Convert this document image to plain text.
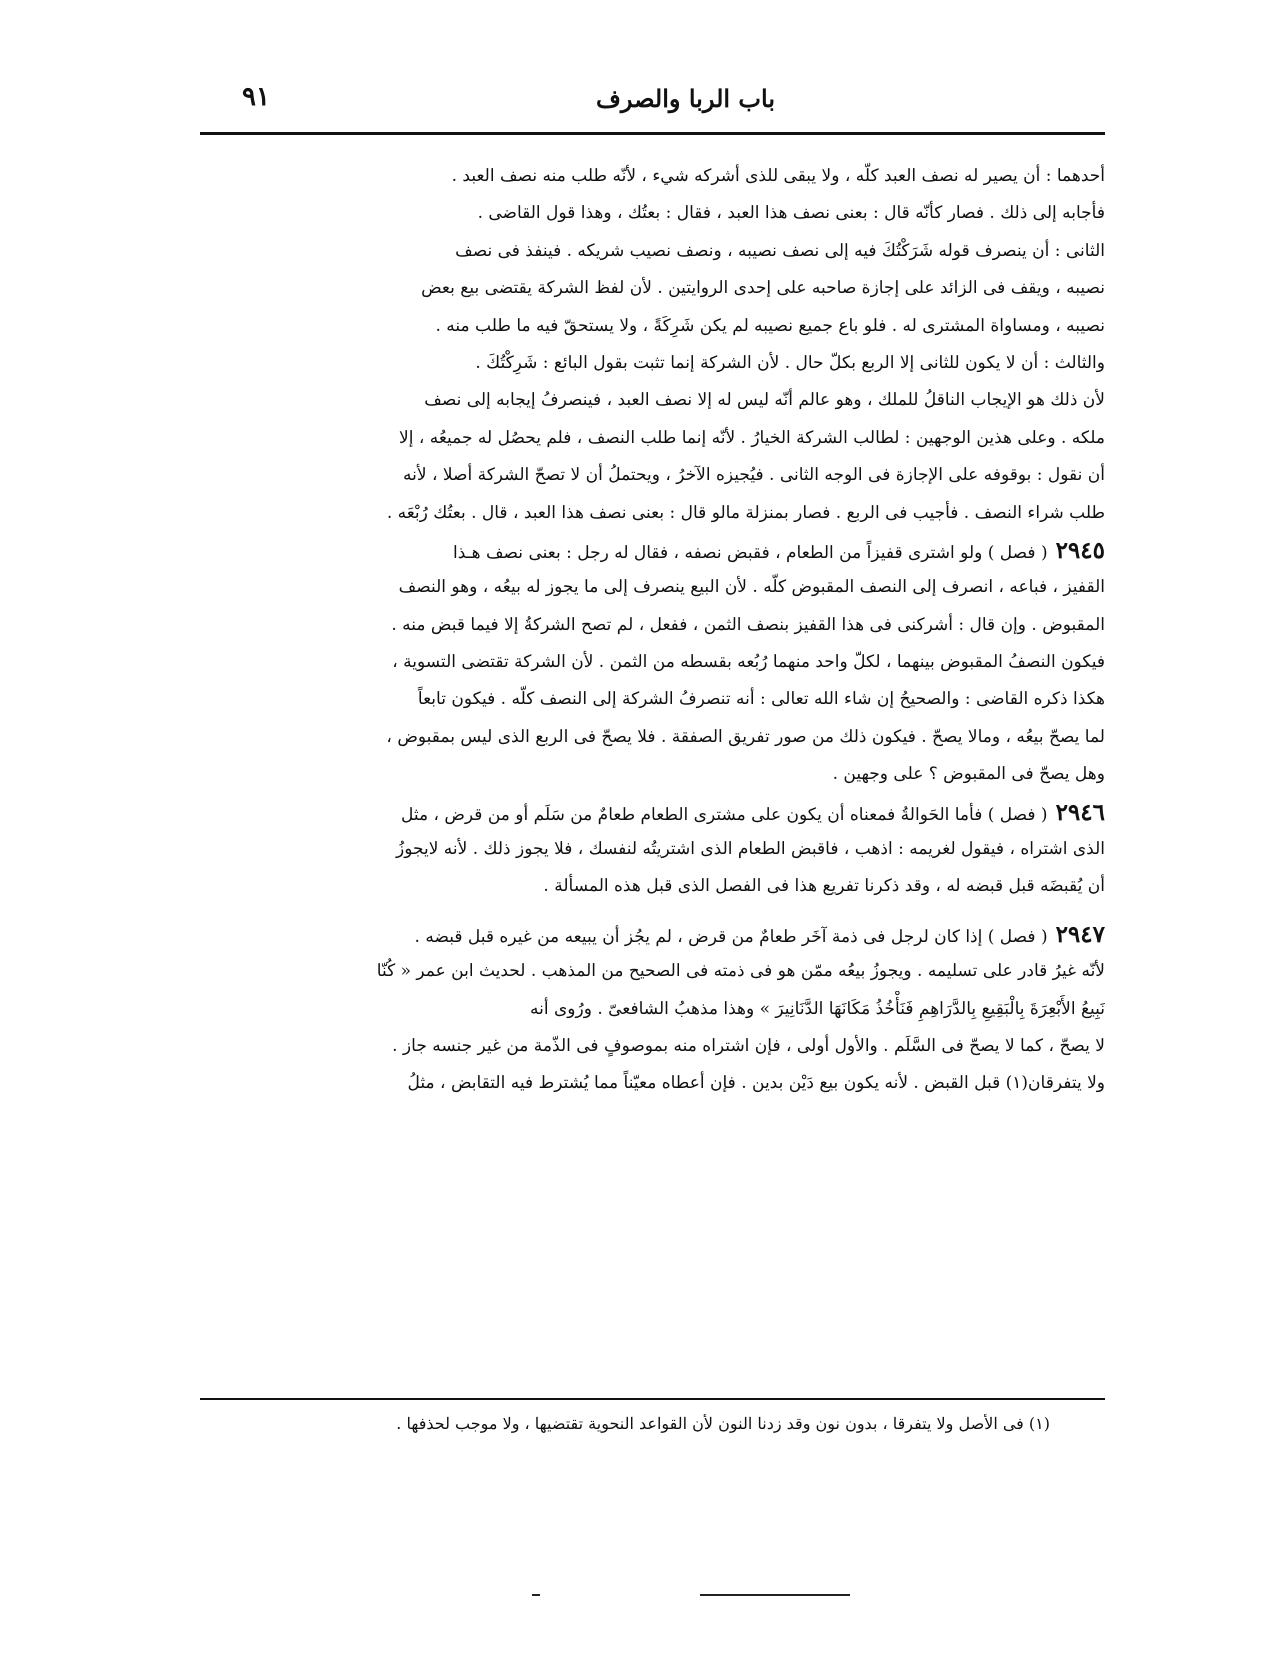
باب الربا والصرف
٩١
أحدهما : أن يصير له نصف العبد كلّه ، ولا يبقى للذى أشركه شيء ، لأنّه طلب منه نصف العبد .
فأجابه إلى ذلك . فصار كأنّه قال : بعنى نصف هذا العبد ، فقال : بعتُك ، وهذا قول القاضى .
الثانى : أن ينصرف قوله شَرَكْتُكَ فيه إلى نصف نصيبه ، ونصف نصيب شريكه . فينفذ فى نصف
نصيبه ، ويقف فى الزائد على إجازة صاحبه على إحدى الروايتين . لأن لفظ الشركة يقتضى بيع بعض
نصيبه ، ومساواة المشترى له . فلو باع جميع نصيبه لم يكن شَرِكَةً ، ولا يستحقّ فيه ما طلب منه .
والثالث : أن لا يكون للثانى إلا الربع بكلّ حال . لأن الشركة إنما تثبت بقول البائع : شَرِكْتُكَ .
لأن ذلك هو الإيجاب الناقلُ للملك ، وهو عالم أنّه ليس له إلا نصف العبد ، فينصرفُ إيجابه إلى نصف
ملكه . وعلى هذين الوجهين : لطالب الشركة الخيارُ . لأنّه إنما طلب النصف ، فلم يحصُل له جميعُه ، إلا
أن نقول : بوقوفه على الإجازة فى الوجه الثانى . فيُجيزه الآخرُ ، ويحتملُ أن لا تصحّ الشركة أصلا ، لأنه
طلب شراء النصف . فأجيب فى الربع . فصار بمنزلة مالو قال : بعنى نصف هذا العبد ، قال . بعتُك رُبْعَه .
٢٩٤٥( فصل ) ولو اشترى قفيزاً من الطعام ، فقبض نصفه ، فقال له رجل : بعنى نصف هـذا
القفيز ، فباعه ، انصرف إلى النصف المقبوض كلّه . لأن البيع ينصرف إلى ما يجوز له بيعُه ، وهو النصف
المقبوض . وإن قال : أشركنى فى هذا القفيز بنصف الثمن ، ففعل ، لم تصح الشركةُ إلا فيما قبض منه .
فيكون النصفُ المقبوض بينهما ، لكلّ واحد منهما رُبُعه بقسطه من الثمن . لأن الشركة تقتضى التسوية ،
هكذا ذكره القاضى : والصحيحُ إن شاء الله تعالى : أنه تنصرفُ الشركة إلى النصف كلّه . فيكون تابعاً
لما يصحّ بيعُه ، ومالا يصحّ . فيكون ذلك من صور تفريق الصفقة . فلا يصحّ فى الربع الذى ليس بمقبوض ،
وهل يصحّ فى المقبوض ؟ على وجهين .
٢٩٤٦( فصل ) فأما الحَوالةُ فمعناه أن يكون على مشترى الطعام طعامٌ من سَلَم أو من قرض ، مثل
الذى اشتراه ، فيقول لغريمه : اذهب ، فاقبض الطعام الذى اشتريتُه لنفسك ، فلا يجوز ذلك . لأنه لايجوزُ
أن يُقبضَه قبل قبضه له ، وقد ذكرنا تفريع هذا فى الفصل الذى قبل هذه المسألة .
٢٩٤٧( فصل ) إذا كان لرجل فى ذمة آخَر طعامٌ من قرض ، لم يجُز أن يبيعه من غيره قبل قبضه .
لأنّه غيرُ قادر على تسليمه . ويجوزُ بيعُه ممّن هو فى ذمته فى الصحيح من المذهب . لحديث ابن عمر « كُنّا
نَبِيعُ الأَبْعِرَةَ بِالْبَقِيعِ بِالدَّرَاهِمِ فَنَأْخُذُ مَكَانَهَا الدَّنَانِيرَ » وهذا مذهبُ الشافعىّ . ورُوى أنه
لا يصحّ ، كما لا يصحّ فى السَّلَم . والأول أولى ، فإن اشتراه منه بموصوفٍ فى الذّمة من غير جنسه جاز .
ولا يتفرقان(١) قبل القبض . لأنه يكون بيع دَيْن بدين . فإن أعطاه معيّناً مما يُشترط فيه التقابض ، مثلُ
(١) فى الأصل ولا يتفرقا ، بدون نون وقد زدنا النون لأن القواعد النحوية تقتضيها ، ولا موجب لحذفها .
